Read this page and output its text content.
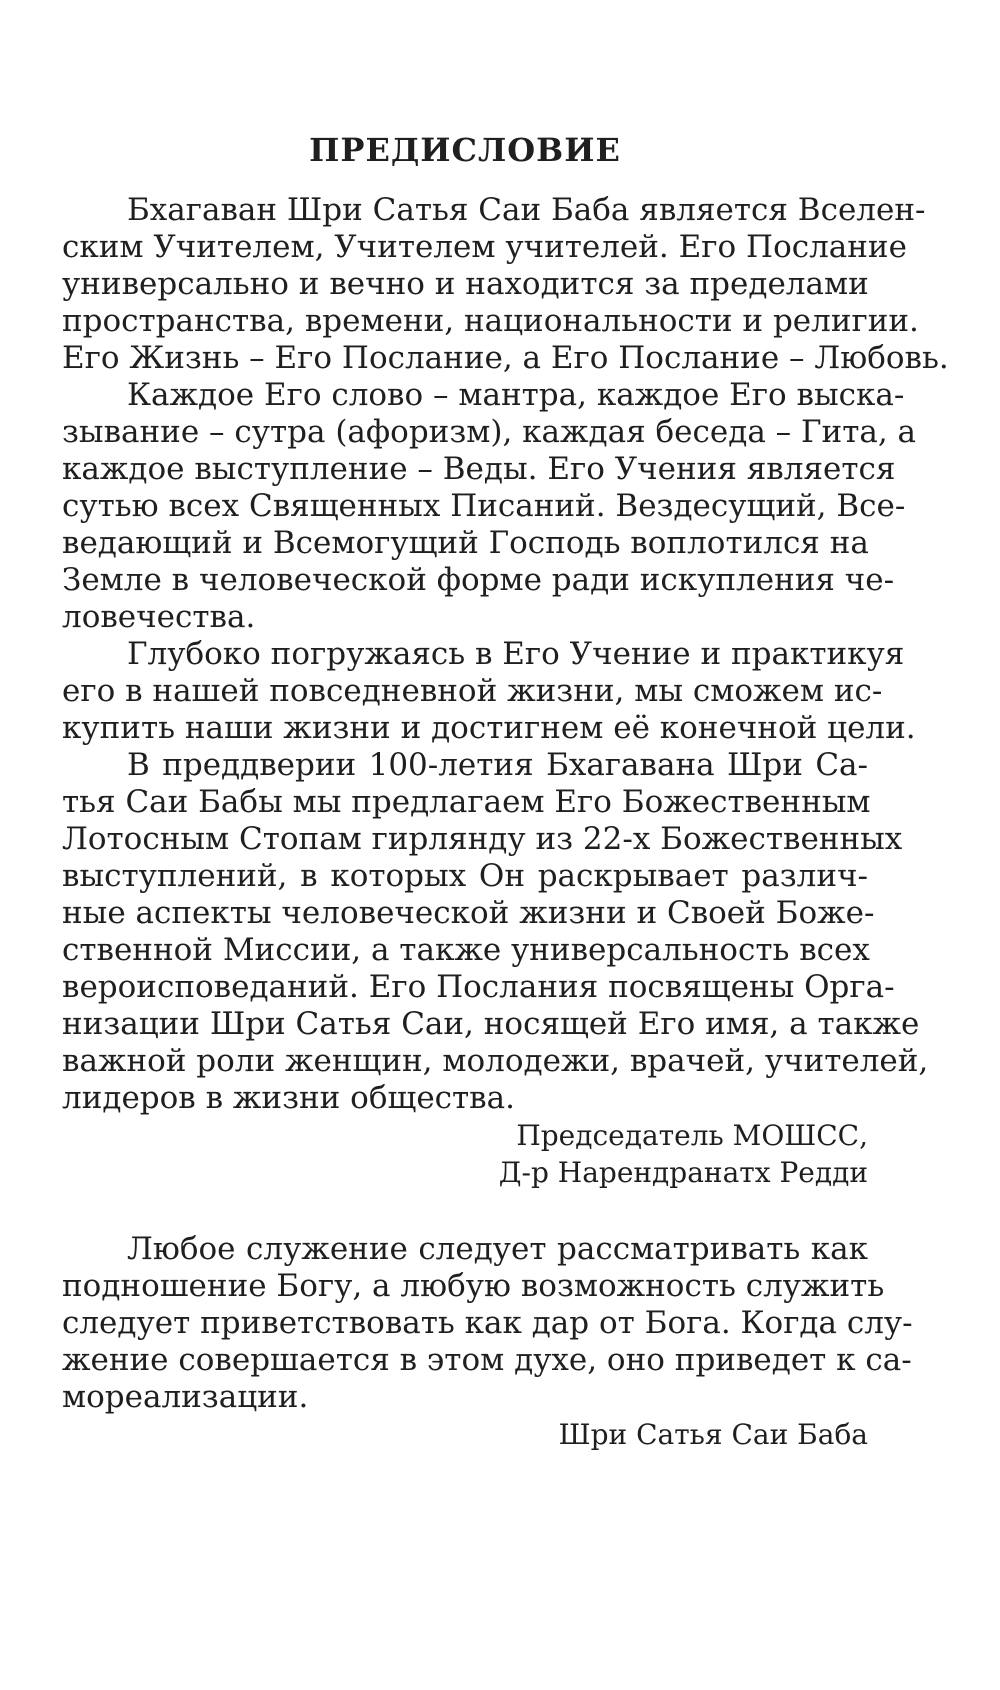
ПРЕДИСЛОВИЕ
Бхагаван Шри Сатья Саи Баба является Вселен-
ским Учителем, Учителем учителей. Его Послание
универсально и вечно и находится за пределами
пространства, времени, национальности и религии.
Его Жизнь – Его Послание, а Его Послание – Любовь.
Каждое Его слово – мантра, каждое Его выска-
зывание – сутра (афоризм), каждая беседа – Гита, а
каждое выступление – Веды. Его Учения является
сутью всех Священных Писаний. Вездесущий, Все-
ведающий и Всемогущий Господь воплотился на
Земле в человеческой форме ради искупления че-
ловечества.
Глубоко погружаясь в Его Учение и практикуя
его в нашей повседневной жизни, мы сможем ис-
купить наши жизни и достигнем её конечной цели.
В преддверии 100-летия Бхагавана Шри Са-
тья Саи Бабы мы предлагаем Его Божественным
Лотосным Стопам гирлянду из 22-х Божественных
выступлений, в которых Он раскрывает различ-
ные аспекты человеческой жизни и Своей Боже-
ственной Миссии, а также универсальность всех
вероисповеданий. Его Послания посвящены Орга-
низации Шри Сатья Саи, носящей Его имя, а также
важной роли женщин, молодежи, врачей, учителей,
лидеров в жизни общества.

Председатель МОШСС,

Д-р Нарендранатх Редди

Любое служение следует рассматривать как
подношение Богу, а любую возможность служить
следует приветствовать как дар от Бога. Когда слу-
жение совершается в этом духе, оно приведет к са-
мореализации.

Шри Сатья Саи Баба
